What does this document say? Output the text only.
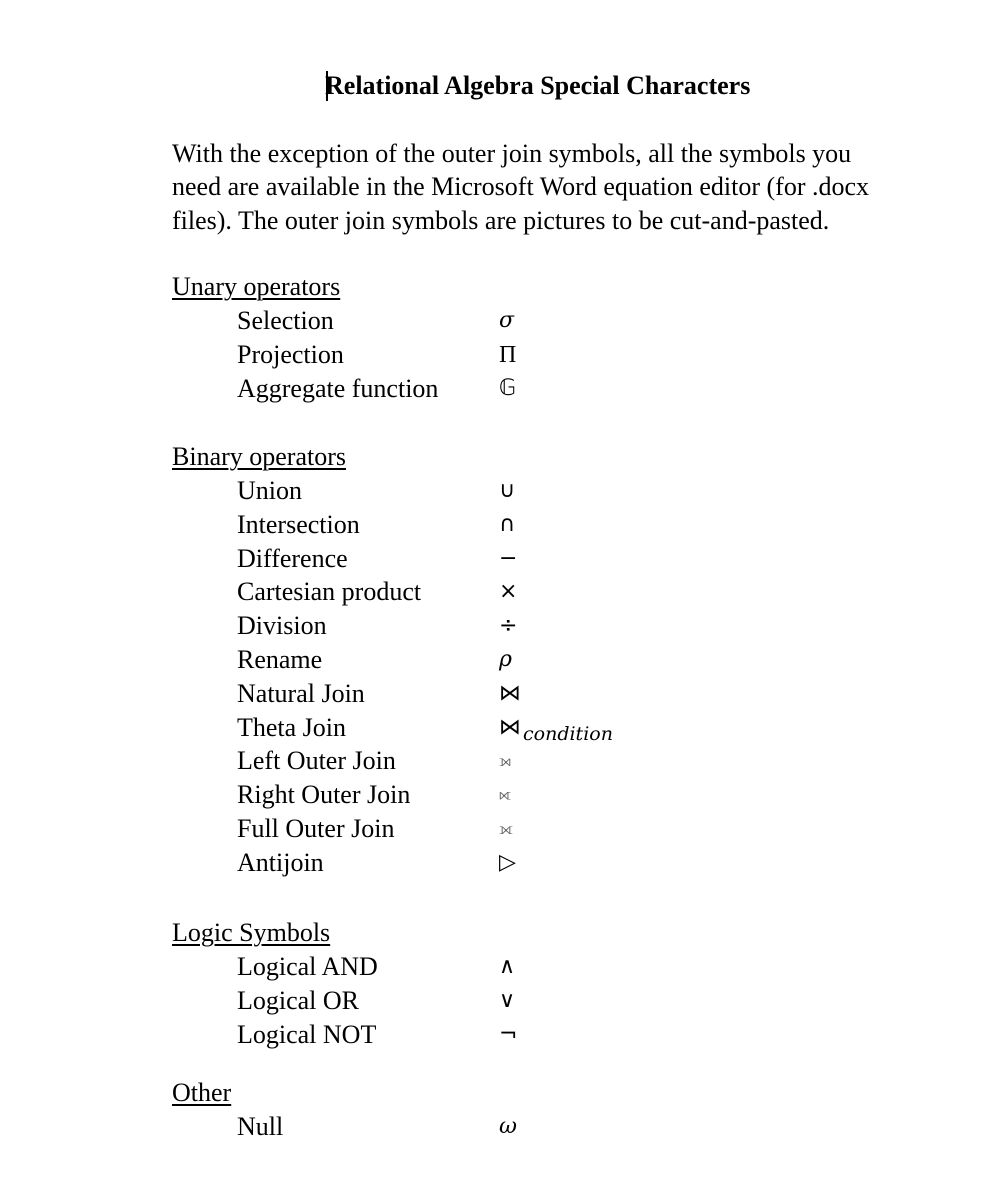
Relational Algebra Special Characters

With the exception of the outer join symbols, all the symbols you
need are available in the Microsoft Word equation editor (for .docx
files). The outer join symbols are pictures to be cut-and-pasted.

Unary operators
Selection	σ
Projection	Π
Aggregate function	𝔾
Binary operators
Union	∪
Intersection	∩
Difference	−
Cartesian product	×
Division	÷
Rename	ρ
Natural Join	⋈
Theta Join	⋈ condition
Left Outer Join	⟕
Right Outer Join	⟖
Full Outer Join	⟗
Antijoin	▷
Logic Symbols
Logical AND	∧
Logical OR	∨
Logical NOT	¬
Other
Null	ω
